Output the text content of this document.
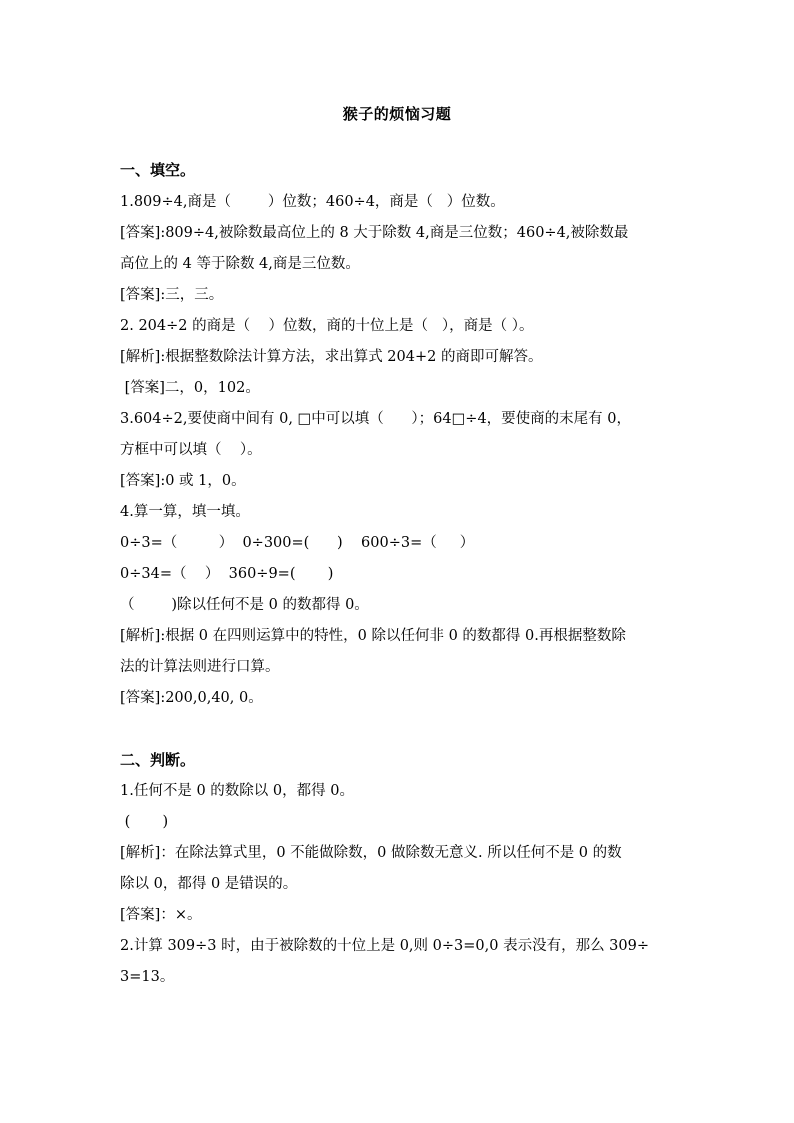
猴子的烦恼习题
一、填空。
1.809÷4,商是（        ）位数；460÷4，商是（   ）位数。
[答案]:809÷4,被除数最高位上的 8 大于除数 4,商是三位数；460÷4,被除数最
高位上的 4 等于除数 4,商是三位数。
[答案]:三，三。
2. 204÷2 的商是（    ）位数，商的十位上是（   ），商是（ ）。
[解析]:根据整数除法计算方法，求出算式 204+2 的商即可解答。
[答案]二，0，102。
3.604÷2,要使商中间有 0, □中可以填（      ）；64□÷4，要使商的末尾有 0，
方框中可以填（    ）。
[答案]:0 或 1，0。
4.算一算，填一填。
0÷3=（         ）  0÷300=(      )    600÷3=（     ）
0÷34=（    ）  360÷9=(       )
（        )除以任何不是 0 的数都得 0。
[解析]:根据 0 在四则运算中的特性，0 除以任何非 0 的数都得 0.再根据整数除
法的计算法则进行口算。
[答案]:200,0,40, 0。
二、判断。
1.任何不是 0 的数除以 0，都得 0。
(       )
[解析]：在除法算式里，0 不能做除数，0 做除数无意义. 所以任何不是 0 的数
除以 0，都得 0 是错误的。
[答案]：×。
2.计算 309÷3 时，由于被除数的十位上是 0,则 0÷3=0,0 表示没有，那么 309÷
3=13。
